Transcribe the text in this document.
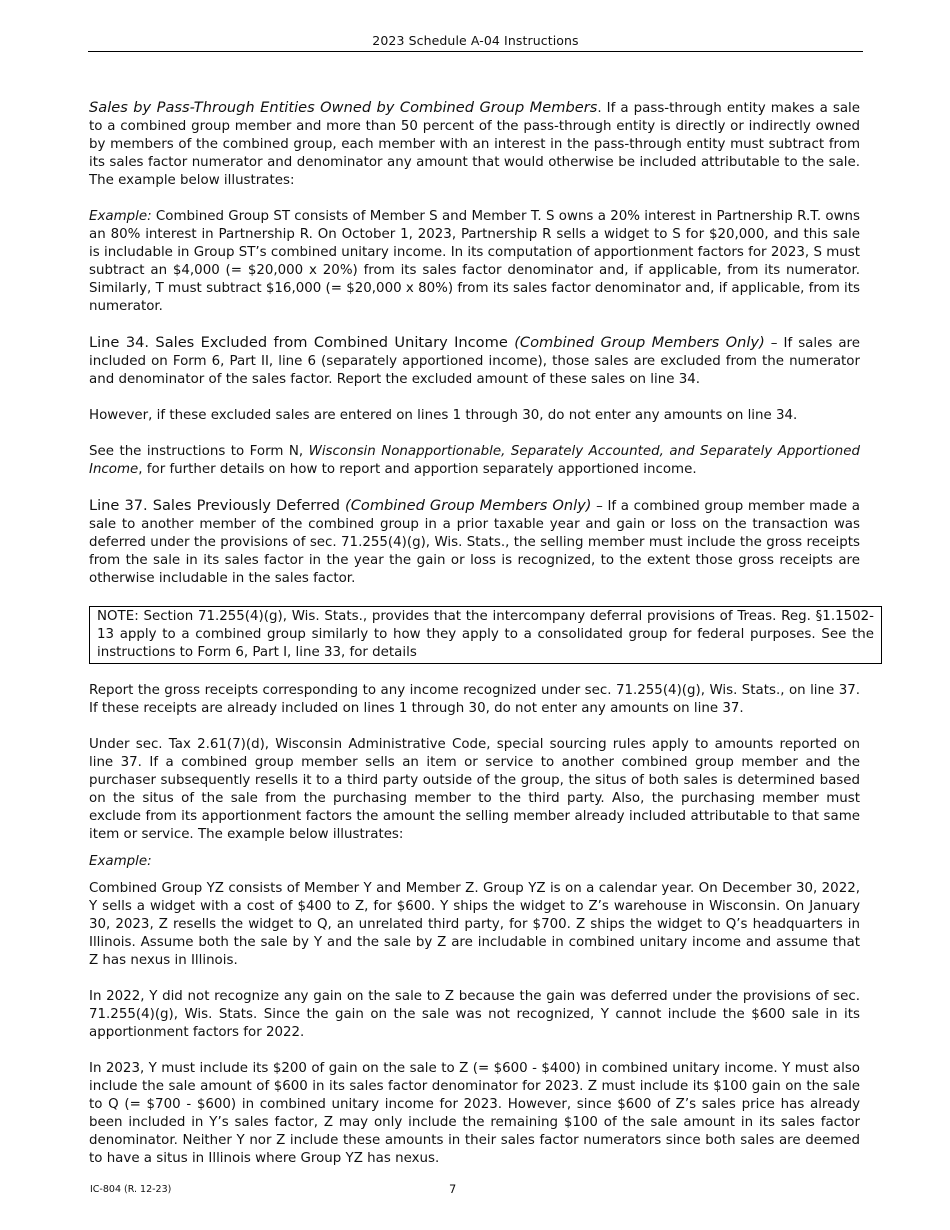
2023 Schedule A-04 Instructions

Sales by Pass-Through Entities Owned by Combined Group Members. If a pass-through entity makes a sale to a combined group member and more than 50 percent of the pass-through entity is directly or indirectly owned by members of the combined group, each member with an interest in the pass-through entity must subtract from its sales factor numerator and denominator any amount that would otherwise be included attributable to the sale. The example below illustrates:

Example: Combined Group ST consists of Member S and Member T. S owns a 20% interest in Partnership R.T. owns an 80% interest in Partnership R. On October 1, 2023, Partnership R sells a widget to S for $20,000, and this sale is includable in Group ST’s combined unitary income. In its computation of apportionment factors for 2023, S must subtract an $4,000 (= $20,000 x 20%) from its sales factor denominator and, if applicable, from its numerator. Similarly, T must subtract $16,000 (= $20,000 x 80%) from its sales factor denominator and, if applicable, from its numerator.

Line 34. Sales Excluded from Combined Unitary Income (Combined Group Members Only) – If sales are included on Form 6, Part II, line 6 (separately apportioned income), those sales are excluded from the numerator and denominator of the sales factor. Report the excluded amount of these sales on line 34.

However, if these excluded sales are entered on lines 1 through 30, do not enter any amounts on line 34.

See the instructions to Form N, Wisconsin Nonapportionable, Separately Accounted, and Separately Apportioned Income, for further details on how to report and apportion separately apportioned income.

Line 37. Sales Previously Deferred (Combined Group Members Only) – If a combined group member made a sale to another member of the combined group in a prior taxable year and gain or loss on the transaction was deferred under the provisions of sec. 71.255(4)(g), Wis. Stats., the selling member must include the gross receipts from the sale in its sales factor in the year the gain or loss is recognized, to the extent those gross receipts are otherwise includable in the sales factor.

NOTE: Section 71.255(4)(g), Wis. Stats., provides that the intercompany deferral provisions of Treas. Reg. §1.1502-13 apply to a combined group similarly to how they apply to a consolidated group for federal purposes. See the instructions to Form 6, Part I, line 33, for details

Report the gross receipts corresponding to any income recognized under sec. 71.255(4)(g), Wis. Stats., on line 37. If these receipts are already included on lines 1 through 30, do not enter any amounts on line 37.

Under sec. Tax 2.61(7)(d), Wisconsin Administrative Code, special sourcing rules apply to amounts reported on line 37. If a combined group member sells an item or service to another combined group member and the purchaser subsequently resells it to a third party outside of the group, the situs of both sales is determined based on the situs of the sale from the purchasing member to the third party. Also, the purchasing member must exclude from its apportionment factors the amount the selling member already included attributable to that same item or service. The example below illustrates:

Example:

Combined Group YZ consists of Member Y and Member Z. Group YZ is on a calendar year. On December 30, 2022, Y sells a widget with a cost of $400 to Z, for $600. Y ships the widget to Z’s warehouse in Wisconsin. On January 30, 2023, Z resells the widget to Q, an unrelated third party, for $700. Z ships the widget to Q’s headquarters in Illinois. Assume both the sale by Y and the sale by Z are includable in combined unitary income and assume that Z has nexus in Illinois.

In 2022, Y did not recognize any gain on the sale to Z because the gain was deferred under the provisions of sec. 71.255(4)(g), Wis. Stats. Since the gain on the sale was not recognized, Y cannot include the $600 sale in its apportionment factors for 2022.

In 2023, Y must include its $200 of gain on the sale to Z (= $600 - $400) in combined unitary income. Y must also include the sale amount of $600 in its sales factor denominator for 2023. Z must include its $100 gain on the sale to Q (= $700 - $600) in combined unitary income for 2023. However, since $600 of Z’s sales price has already been included in Y’s sales factor, Z may only include the remaining $100 of the sale amount in its sales factor denominator. Neither Y nor Z include these amounts in their sales factor numerators since both sales are deemed to have a situs in Illinois where Group YZ has nexus.

IC-804 (R. 12-23)	7
